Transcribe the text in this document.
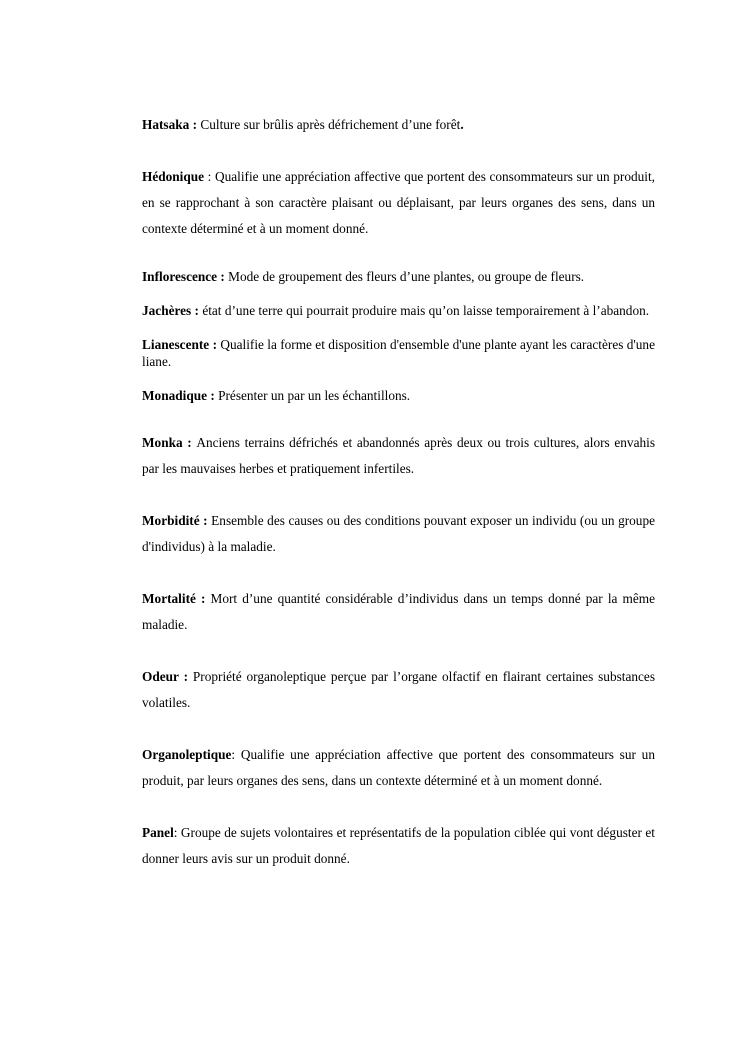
Hatsaka : Culture sur brûlis après défrichement d’une forêt.

Hédonique : Qualifie une appréciation affective que portent des consommateurs sur un produit, en se rapprochant à son caractère plaisant ou déplaisant, par leurs organes des sens, dans un contexte déterminé et à un moment donné.

Inflorescence : Mode de groupement des fleurs d’une plantes, ou groupe de fleurs.

Jachères : état d’une terre qui pourrait produire mais qu’on laisse temporairement à l’abandon.

Lianescente : Qualifie la forme et disposition d'ensemble d'une plante ayant les caractères d'une liane.

Monadique : Présenter un par un les échantillons.

Monka : Anciens terrains défrichés et abandonnés après deux ou trois cultures, alors envahis par les mauvaises herbes et pratiquement infertiles.

Morbidité : Ensemble des causes ou des conditions pouvant exposer un individu (ou un groupe d'individus) à la maladie.

Mortalité : Mort d’une quantité considérable d’individus dans un temps donné par la même maladie.

Odeur : Propriété organoleptique perçue par l’organe olfactif en flairant certaines substances volatiles.

Organoleptique: Qualifie une appréciation affective que portent des consommateurs sur un produit, par leurs organes des sens, dans un contexte déterminé et à un moment donné.

Panel: Groupe de sujets volontaires et représentatifs de la population ciblée qui vont déguster et donner leurs avis sur un produit donné.
